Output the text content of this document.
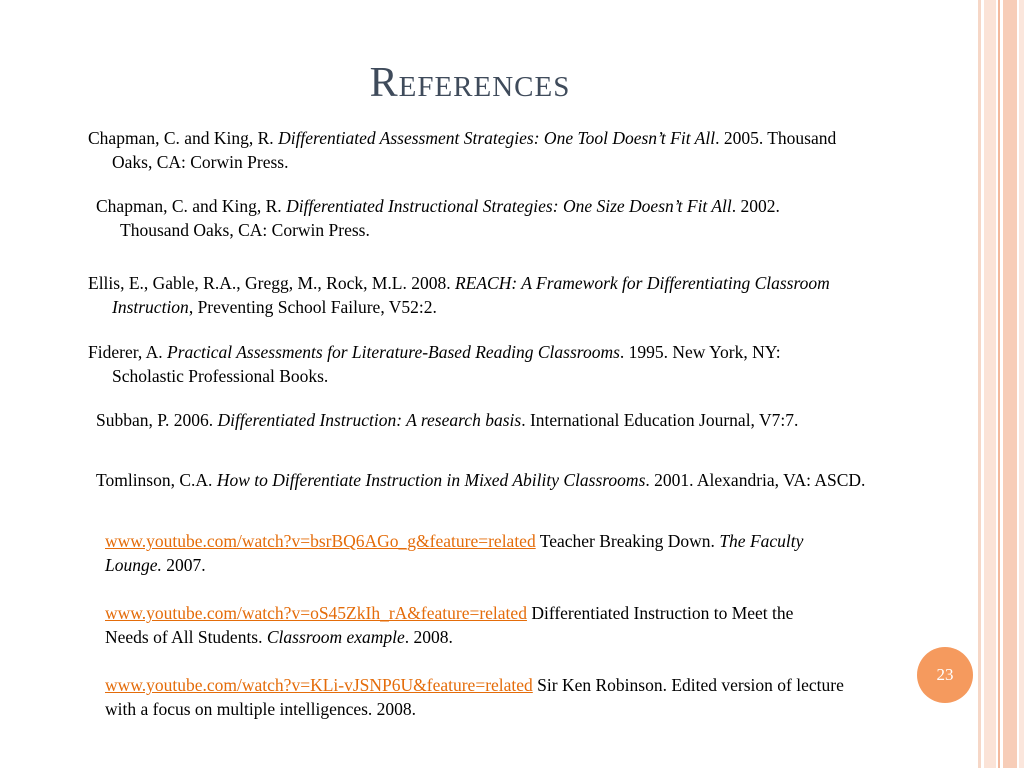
References

Chapman, C. and King, R. Differentiated Assessment Strategies: One Tool Doesn’t Fit All. 2005. Thousand Oaks, CA: Corwin Press.

Chapman, C. and King, R. Differentiated Instructional Strategies: One Size Doesn’t Fit All. 2002. Thousand Oaks, CA: Corwin Press.

Ellis, E., Gable, R.A., Gregg, M., Rock, M.L. 2008. REACH: A Framework for Differentiating Classroom Instruction, Preventing School Failure, V52:2.

Fiderer, A. Practical Assessments for Literature-Based Reading Classrooms. 1995. New York, NY: Scholastic Professional Books.

Subban, P. 2006. Differentiated Instruction: A research basis. International Education Journal, V7:7.

Tomlinson, C.A. How to Differentiate Instruction in Mixed Ability Classrooms. 2001. Alexandria, VA: ASCD.

www.youtube.com/watch?v=bsrBQ6AGo_g&feature=related Teacher Breaking Down. The Faculty Lounge. 2007.

www.youtube.com/watch?v=oS45ZkIh_rA&feature=related Differentiated Instruction to Meet the Needs of All Students. Classroom example. 2008.

www.youtube.com/watch?v=KLi-vJSNP6U&feature=related Sir Ken Robinson. Edited version of lecture with a focus on multiple intelligences. 2008.

23
